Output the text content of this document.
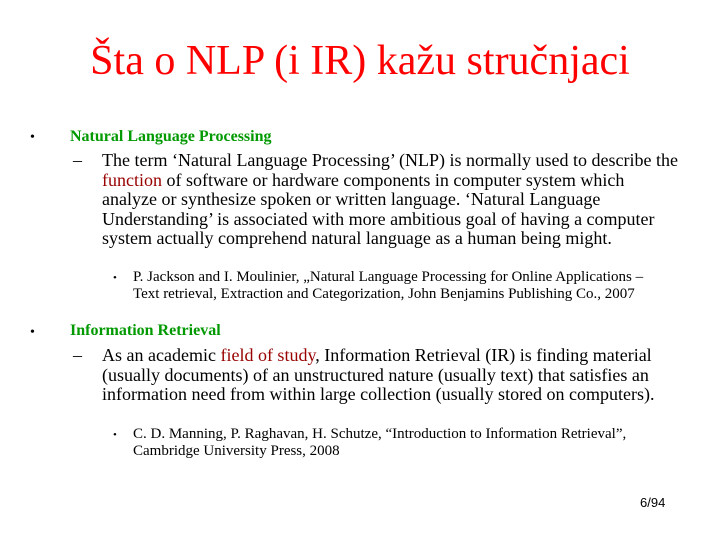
Šta o NLP (i IR) kažu stručnjaci
• Natural Language Processing
– The term ‘Natural Language Processing’ (NLP) is normally used to describe the function of software or hardware components in computer system which analyze or synthesize spoken or written language. ‘Natural Language Understanding’ is associated with more ambitious goal of having a computer system actually comprehend natural language as a human being might.

• P. Jackson and I. Moulinier, „Natural Language Processing for Online Applications – Text retrieval, Extraction and Categorization, John Benjamins Publishing Co., 2007

• Information Retrieval
– As an academic field of study, Information Retrieval (IR) is finding material (usually documents) of an unstructured nature (usually text) that satisfies an information need from within large collection (usually stored on computers).

• C. D. Manning, P. Raghavan, H. Schutze, “Introduction to Information Retrieval”, Cambridge University Press, 2008

6/94
